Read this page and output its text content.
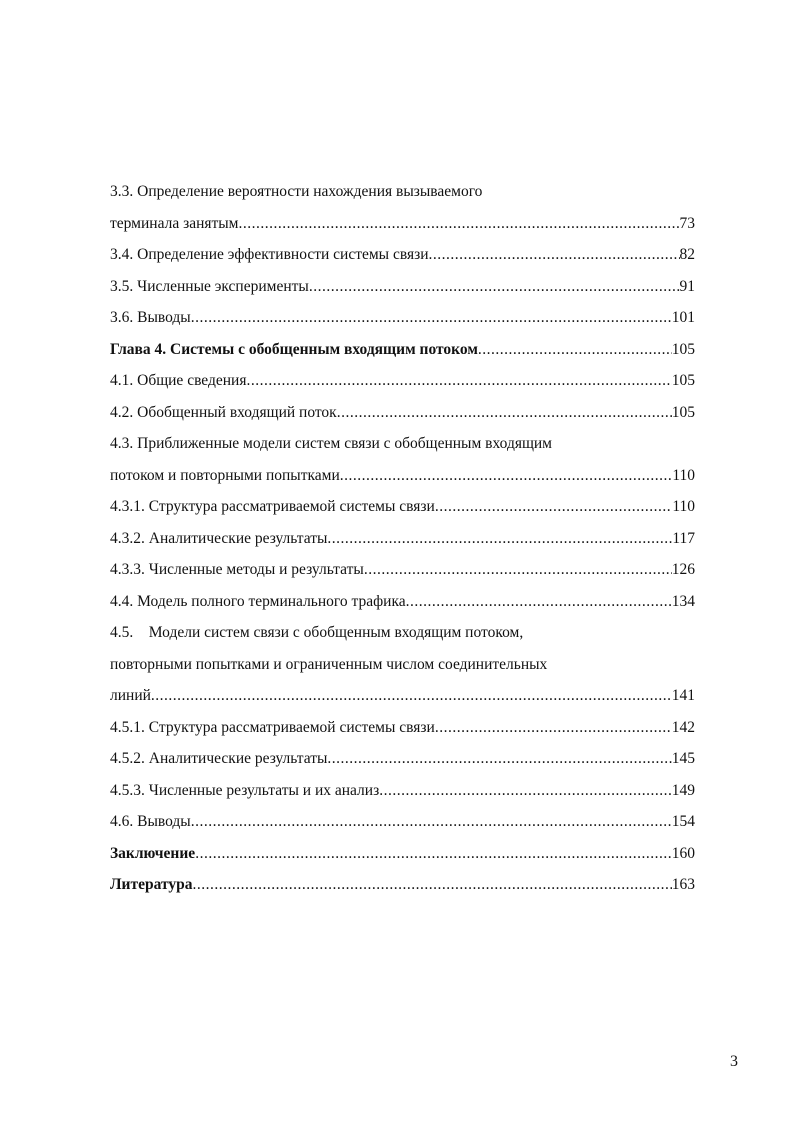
3.3. Определение вероятности нахождения вызываемого
терминала занятым .....	73
3.4. Определение эффективности системы связи .....	82
3.5. Численные эксперименты .....	91
3.6. Выводы .....	101
Глава 4. Системы с обобщенным входящим потоком .....	105
4.1. Общие сведения .....	105
4.2. Обобщенный входящий поток .....	105
4.3. Приближенные модели систем связи с обобщенным входящим
потоком и повторными попытками .....	110
4.3.1. Структура рассматриваемой системы связи .....	110
4.3.2. Аналитические результаты .....	117
4.3.3. Численные методы и результаты .....	126
4.4. Модель полного терминального трафика .....	134
4.5.    Модели систем связи с обобщенным входящим потоком,
повторными попытками и ограниченным числом соединительных
линий .....	141
4.5.1. Структура рассматриваемой системы связи .....	142
4.5.2. Аналитические результаты .....	145
4.5.3. Численные результаты и их анализ .....	149
4.6. Выводы .....	154
Заключение .....	160
Литература .....	163
3
